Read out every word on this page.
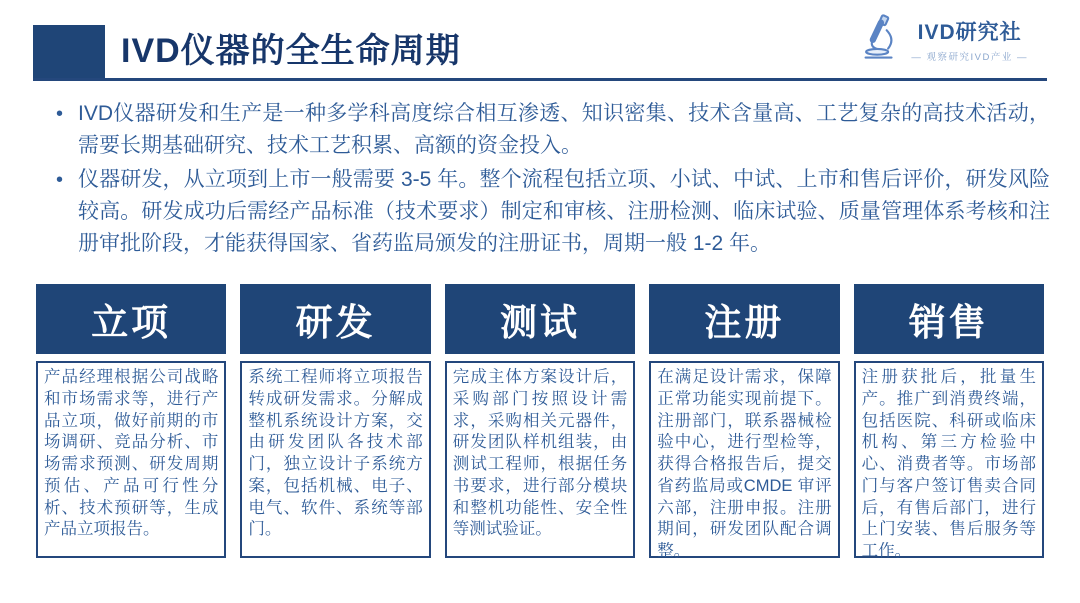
IVD仪器的全生命周期	IVD研究社
— 观察研究IVD产业 —
• IVD仪器研发和生产是一种多学科高度综合相互渗透、知识密集、技术含量高、工艺复杂的高技术活动，需要长期基础研究、技术工艺积累、高额的资金投入。
• 仪器研发，从立项到上市一般需要 3-5 年。整个流程包括立项、小试、中试、上市和售后评价，研发风险较高。研发成功后需经产品标准（技术要求）制定和审核、注册检测、临床试验、质量管理体系考核和注册审批阶段，才能获得国家、省药监局颁发的注册证书，周期一般 1-2 年。
立项
产品经理根据公司战略和市场需求等，进行产品立项，做好前期的市场调研、竞品分析、市场需求预测、研发周期预估、产品可行性分析、技术预研等，生成产品立项报告。
研发
系统工程师将立项报告转成研发需求。分解成整机系统设计方案，交由研发团队各技术部门，独立设计子系统方案，包括机械、电子、电气、软件、系统等部门。
测试
完成主体方案设计后，采购部门按照设计需求，采购相关元器件，研发团队样机组装，由测试工程师，根据任务书要求，进行部分模块和整机功能性、安全性等测试验证。
注册
在满足设计需求，保障正常功能实现前提下。注册部门，联系器械检验中心，进行型检等，获得合格报告后，提交省药监局或CMDE 审评六部，注册申报。注册期间，研发团队配合调整。
销售
注册获批后，批量生产。推广到消费终端，包括医院、科研或临床机构、第三方检验中心、消费者等。市场部门与客户签订售卖合同后，有售后部门，进行上门安装、售后服务等工作。
